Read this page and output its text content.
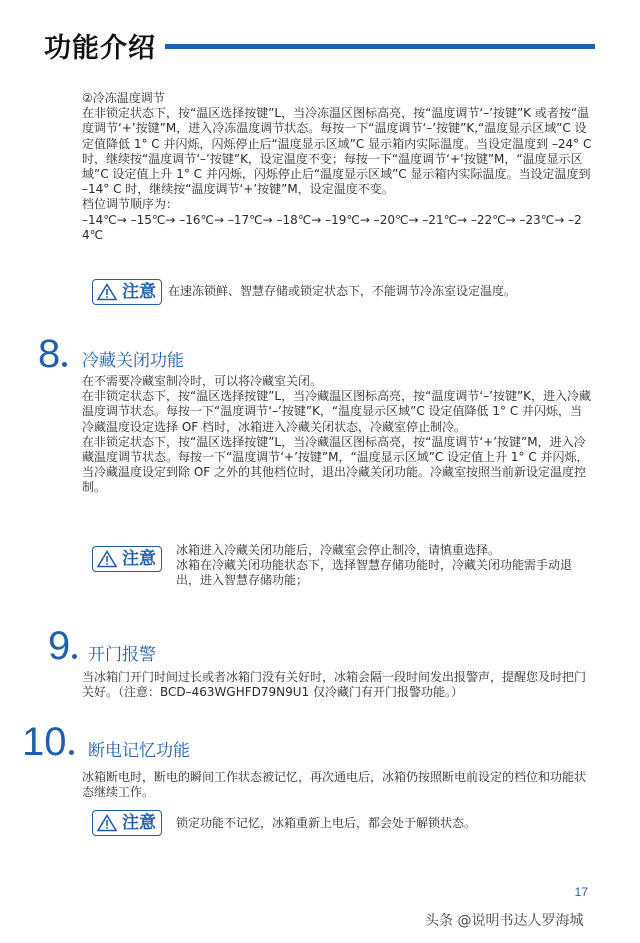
功能介绍
②冷冻温度调节
在非锁定状态下，按“温区选择按键”L，当冷冻温区图标高亮，按“温度调节‘–’按键”K 或者按“温度调节‘+’按键”M，进入冷冻温度调节状态。每按一下“温度调节‘–’按键”K,“温度显示区域”C 设定值降低 1° C 并闪烁，闪烁停止后“温度显示区域”C 显示箱内实际温度。当设定温度到 –24° C 时，继续按“温度调节‘–’按键”K，设定温度不变；每按一下“温度调节‘+’按键”M，“温度显示区域”C 设定值上升 1° C 并闪烁，闪烁停止后“温度显示区域”C 显示箱内实际温度。当设定温度到 –14° C 时，继续按“温度调节‘+’按键”M，设定温度不变。
档位调节顺序为：
–14℃→ –15℃→ –16℃→ –17℃→ –18℃→ –19℃→ –20℃→ –21℃→ –22℃→ –23℃→ –24℃
注意 在速冻锁鲜、智慧存储或锁定状态下，不能调节冷冻室设定温度。
8	冷藏关闭功能
在不需要冷藏室制冷时，可以将冷藏室关闭。
在非锁定状态下，按“温区选择按键”L，当冷藏温区图标高亮，按“温度调节‘–’按键”K，进入冷藏温度调节状态。每按一下“温度调节‘–’按键”K，“温度显示区域”C 设定值降低 1° C 并闪烁，当冷藏温度设定选择 OF 档时，冰箱进入冷藏关闭状态，冷藏室停止制冷。
在非锁定状态下，按“温区选择按键”L，当冷藏温区图标高亮，按“温度调节‘+’按键”M，进入冷藏温度调节状态。每按一下“温度调节‘+’按键”M，“温度显示区域”C 设定值上升 1° C 并闪烁，当冷藏温度设定到除 OF 之外的其他档位时，退出冷藏关闭功能。冷藏室按照当前新设定温度控制。
注意 冰箱进入冷藏关闭功能后，冷藏室会停止制冷，请慎重选择。
冰箱在冷藏关闭功能状态下，选择智慧存储功能时，冷藏关闭功能需手动退出，进入智慧存储功能；
9	开门报警
当冰箱门开门时间过长或者冰箱门没有关好时，冰箱会隔一段时间发出报警声，提醒您及时把门关好。（注意：BCD–463WGHFD79N9U1 仅冷藏门有开门报警功能。）
10	断电记忆功能
冰箱断电时，断电的瞬间工作状态被记忆，再次通电后，冰箱仍按照断电前设定的档位和功能状态继续工作。
注意 锁定功能不记忆，冰箱重新上电后，都会处于解锁状态。
17
头条 @说明书达人罗海城
